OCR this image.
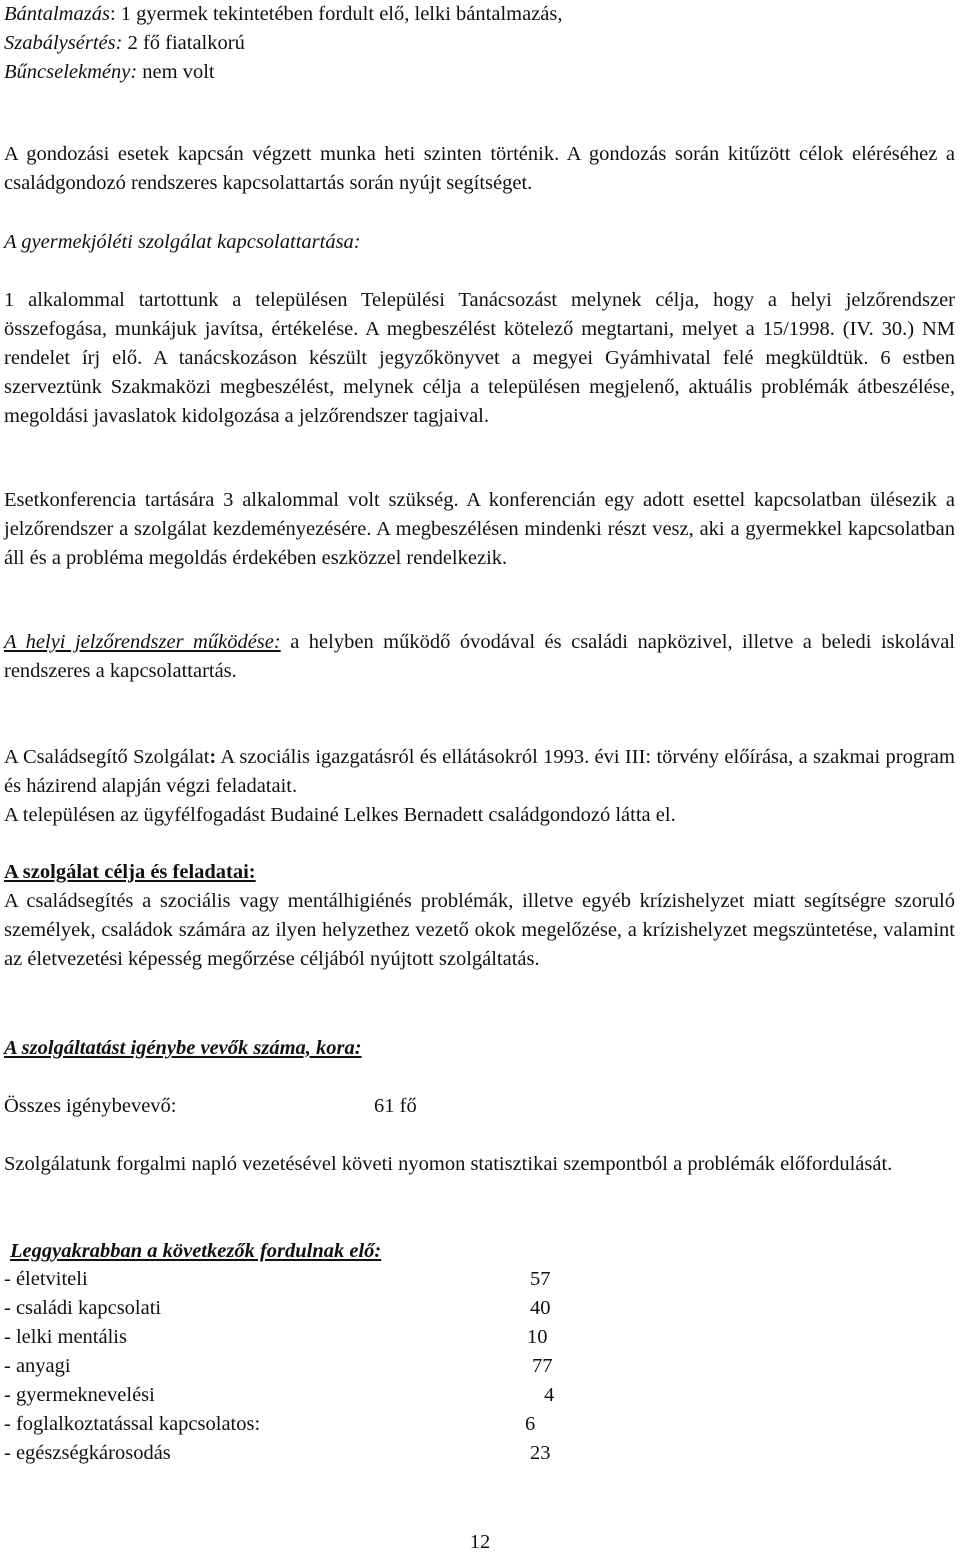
Bántalmazás: 1 gyermek tekintetében fordult elő, lelki bántalmazás,

Szabálysértés: 2 fő fiatalkorú

Bűncselekmény: nem volt

A gondozási esetek kapcsán végzett munka heti szinten történik. A gondozás során kitűzött célok eléréséhez a családgondozó rendszeres kapcsolattartás során nyújt segítséget.

A gyermekjóléti szolgálat kapcsolattartása:

1 alkalommal tartottunk a településen Települési Tanácsozást melynek célja, hogy a helyi jelzőrendszer összefogása, munkájuk javítsa, értékelése. A megbeszélést kötelező megtartani, melyet a 15/1998. (IV. 30.) NM rendelet írj elő. A tanácskozáson készült jegyzőkönyvet a megyei Gyámhivatal felé megküldtük. 6 estben szerveztünk Szakmaközi megbeszélést, melynek célja a településen megjelenő, aktuális problémák átbeszélése, megoldási javaslatok kidolgozása a jelzőrendszer tagjaival.

Esetkonferencia tartására 3 alkalommal volt szükség. A konferencián egy adott esettel kapcsolatban ülésezik a jelzőrendszer a szolgálat kezdeményezésére. A megbeszélésen mindenki részt vesz, aki a gyermekkel kapcsolatban áll és a probléma megoldás érdekében eszközzel rendelkezik.

A helyi jelzőrendszer működése: a helyben működő óvodával és családi napközivel, illetve a beledi iskolával rendszeres a kapcsolattartás.

A Családsegítő Szolgálat: A szociális igazgatásról és ellátásokról 1993. évi III: törvény előírása, a szakmai program és házirend alapján végzi feladatait.

A településen az ügyfélfogadást Budainé Lelkes Bernadett családgondozó látta el.

A szolgálat célja és feladatai:

A családsegítés a szociális vagy mentálhigiénés problémák, illetve egyéb krízishelyzet miatt segítségre szoruló személyek, családok számára az ilyen helyzethez vezető okok megelőzése, a krízishelyzet megszüntetése, valamint az életvezetési képesség megőrzése céljából nyújtott szolgáltatás.

A szolgáltatást igénybe vevők száma, kora:

Összes igénybevevő:	61 fő

Szolgálatunk forgalmi napló vezetésével követi nyomon statisztikai szempontból a problémák előfordulását.

Leggyakrabban a következők fordulnak elő:

- életviteli	57
- családi kapcsolati	40
- lelki mentális	10
- anyagi	77
- gyermeknevelési	4
- foglalkoztatással kapcsolatos:	6
- egészségkárosodás	23
12
